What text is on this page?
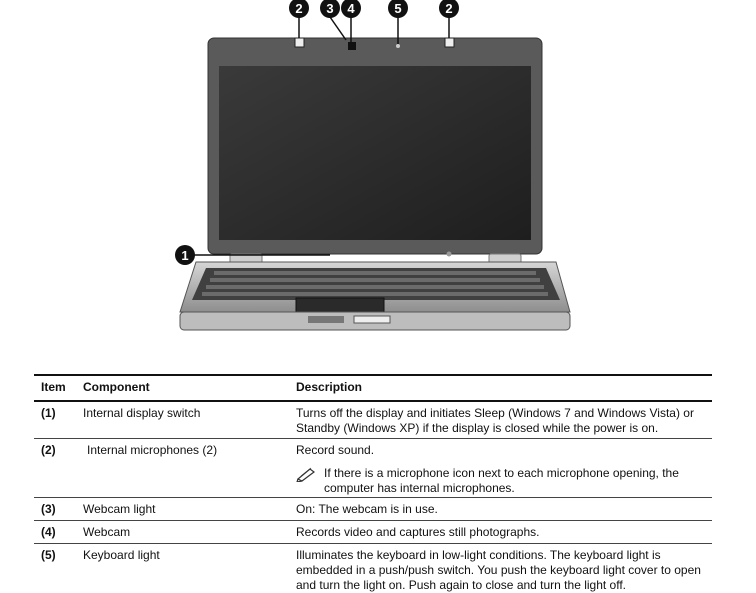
1
2 3 4	5	2
Item Component	Description
(1) Internal display switch	Turns off the display and initiates Sleep (Windows 7 and Windows Vista) or Standby (Windows XP) if the display is closed while the power is on.
(2)	Internal microphones (2)	Record sound.
If there is a microphone icon next to each microphone opening, the computer has internal microphones.
(3) Webcam light	On: The webcam is in use.
(4) Webcam	Records video and captures still photographs.
(5) Keyboard light	Illuminates the keyboard in low-light conditions. The keyboard light is embedded in a push/push switch. You push the keyboard light cover to open and turn the light on. Push again to close and turn the light off.
